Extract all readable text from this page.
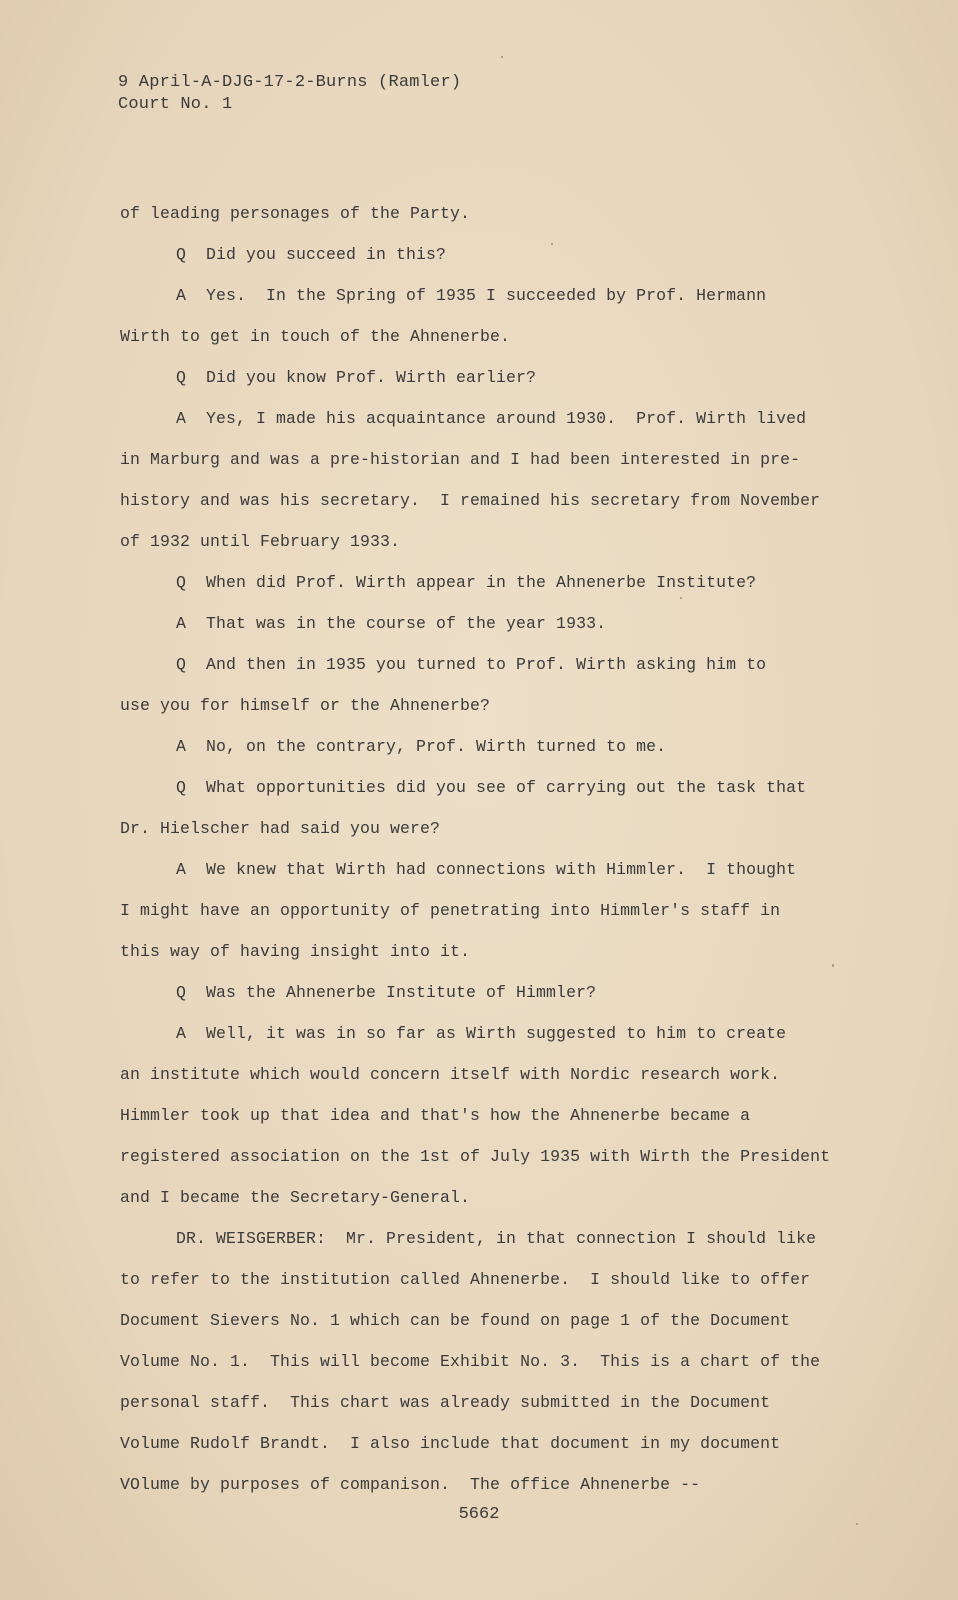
9 April-A-DJG-17-2-Burns (Ramler)
Court No. 1
of leading personages of the Party.
Q  Did you succeed in this?
A  Yes.  In the Spring of 1935 I succeeded by Prof. Hermann
Wirth to get in touch of the Ahnenerbe.
Q  Did you know Prof. Wirth earlier?
A  Yes, I made his acquaintance around 1930.  Prof. Wirth lived
in Marburg and was a pre-historian and I had been interested in pre-
history and was his secretary.  I remained his secretary from November
of 1932 until February 1933.
Q  When did Prof. Wirth appear in the Ahnenerbe Institute?
A  That was in the course of the year 1933.
Q  And then in 1935 you turned to Prof. Wirth asking him to
use you for himself or the Ahnenerbe?
A  No, on the contrary, Prof. Wirth turned to me.
Q  What opportunities did you see of carrying out the task that
Dr. Hielscher had said you were?
A  We knew that Wirth had connections with Himmler.  I thought
I might have an opportunity of penetrating into Himmler's staff in
this way of having insight into it.
Q  Was the Ahnenerbe Institute of Himmler?
A  Well, it was in so far as Wirth suggested to him to create
an institute which would concern itself with Nordic research work.
Himmler took up that idea and that's how the Ahnenerbe became a
registered association on the 1st of July 1935 with Wirth the President
and I became the Secretary-General.
DR. WEISGERBER:  Mr. President, in that connection I should like
to refer to the institution called Ahnenerbe.  I should like to offer
Document Sievers No. 1 which can be found on page 1 of the Document
Volume No. 1.  This will become Exhibit No. 3.  This is a chart of the
personal staff.  This chart was already submitted in the Document
Volume Rudolf Brandt.  I also include that document in my document
VOlume by purposes of companison.  The office Ahnenerbe --
5662
